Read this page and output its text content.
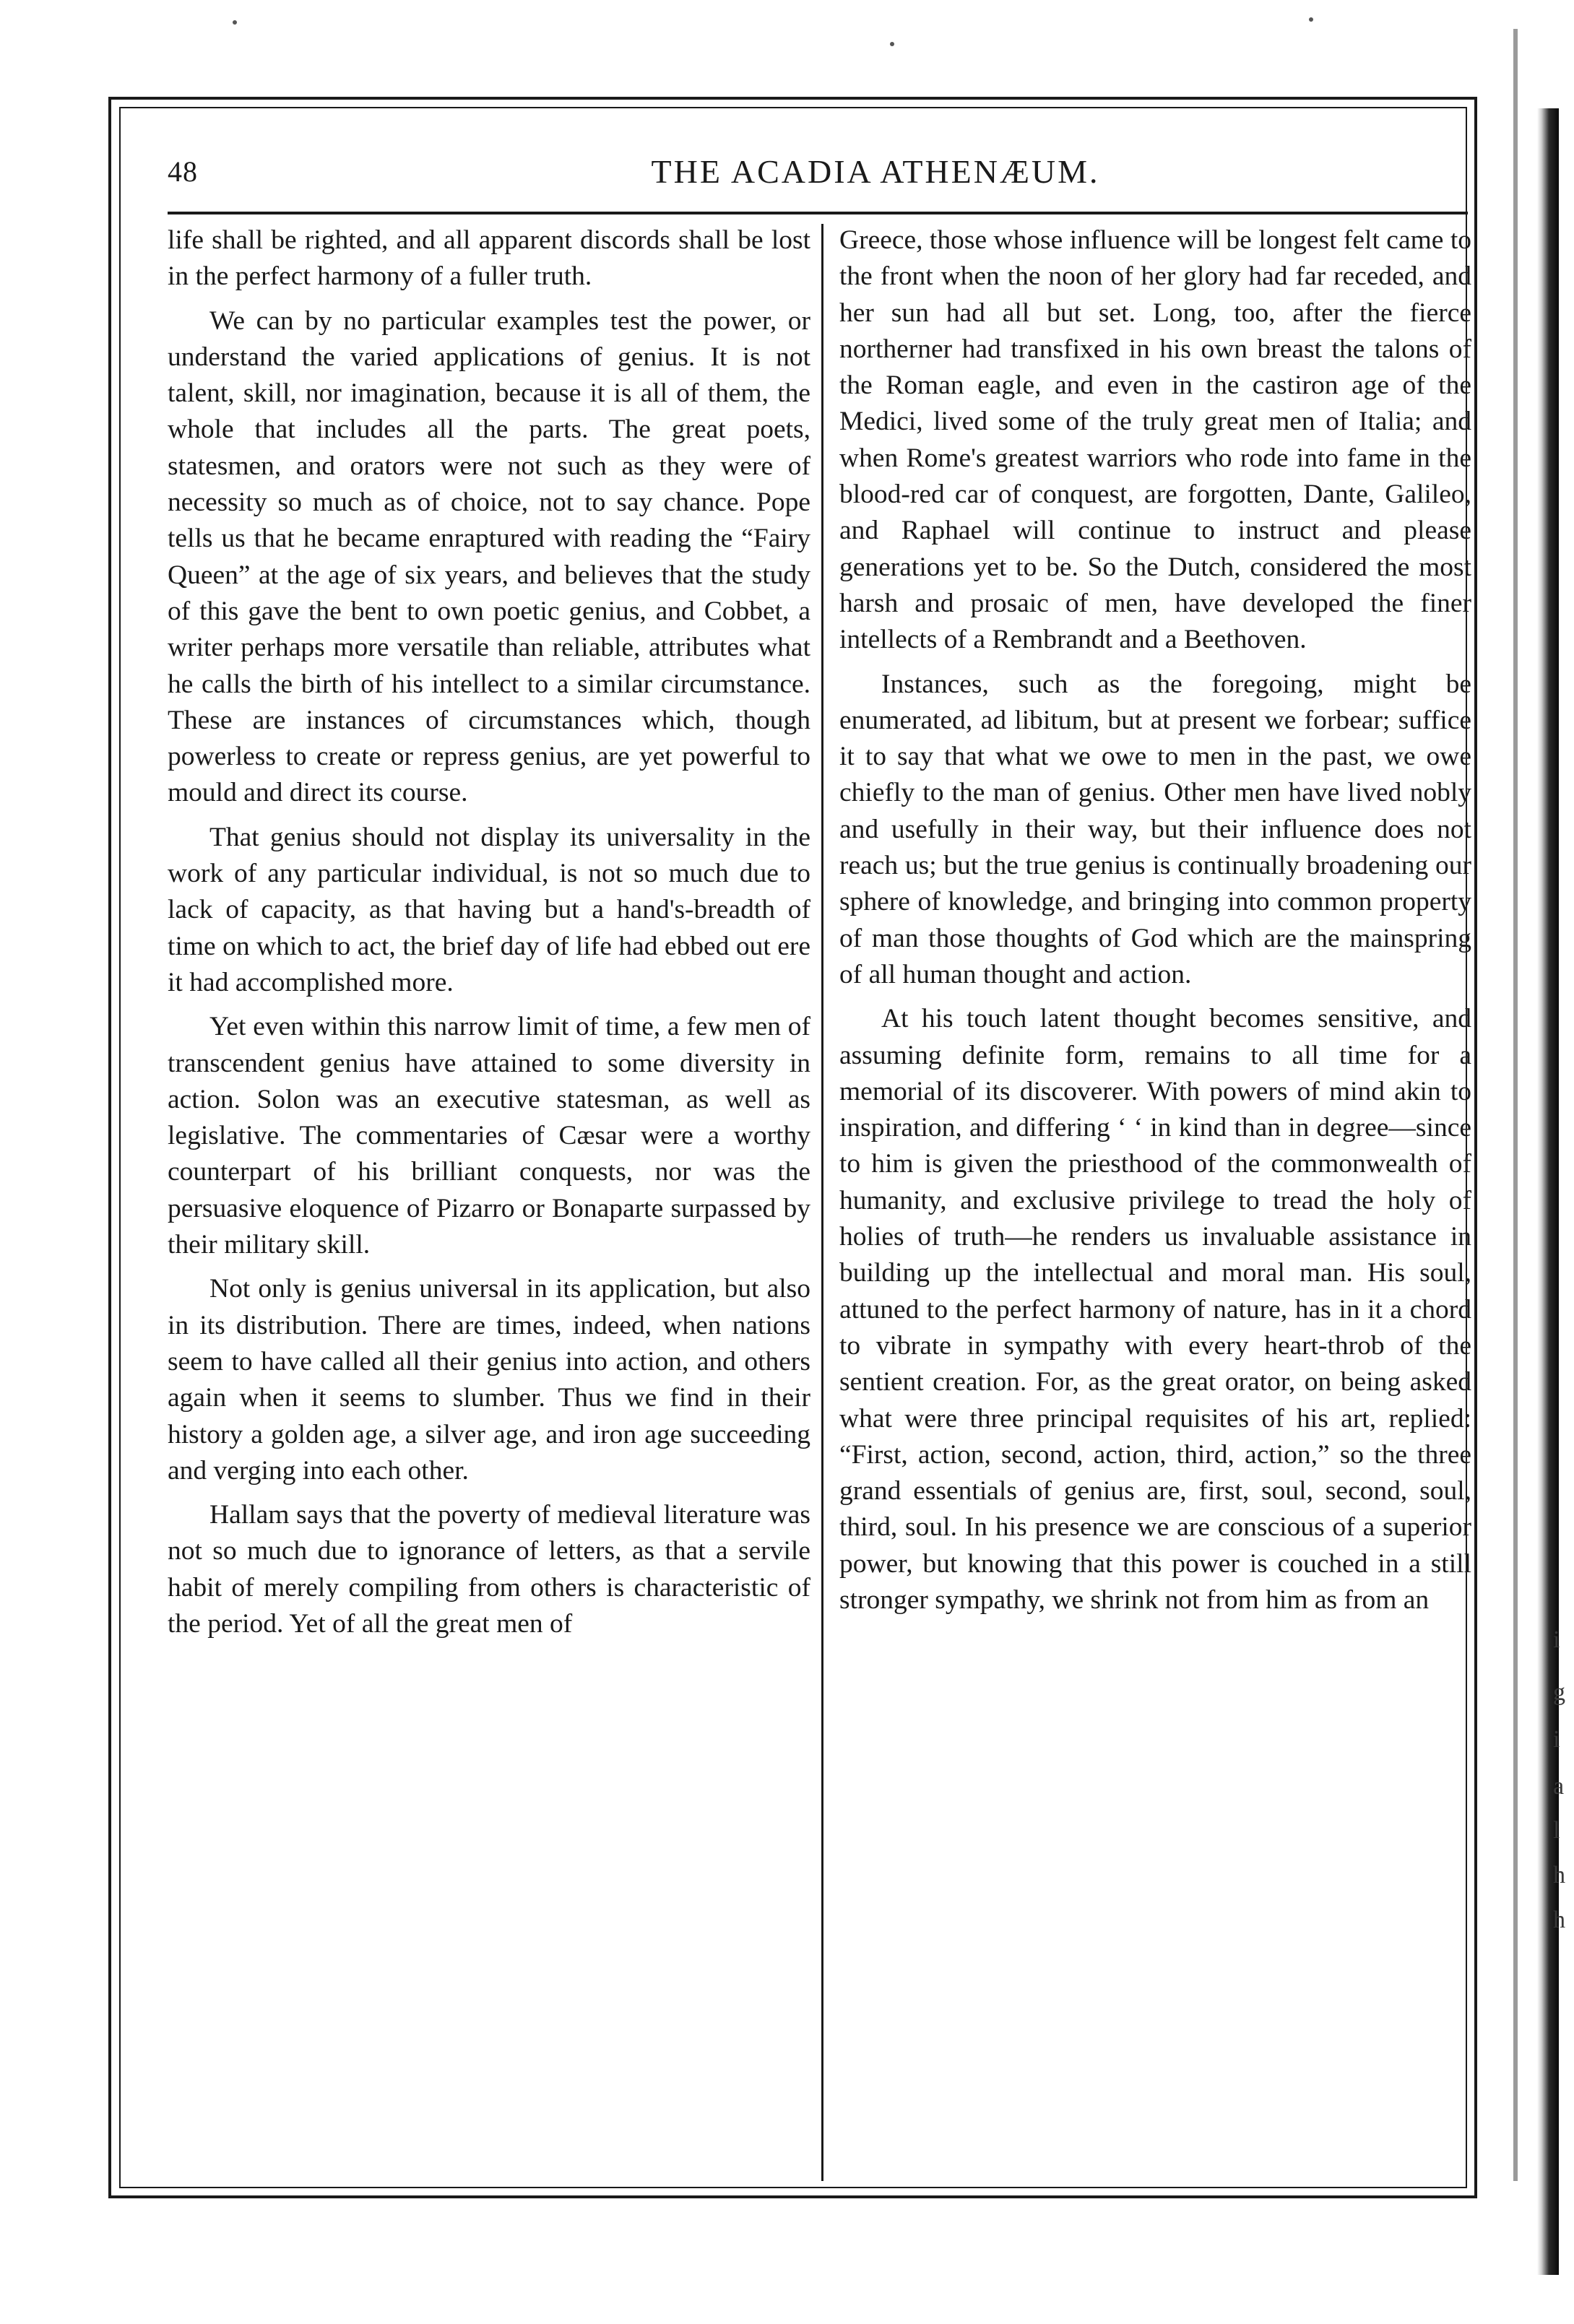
48	THE ACADIA ATHENÆUM.

life shall be righted, and all apparent discords shall be lost in the perfect harmony of a fuller truth.

We can by no particular examples test the power, or understand the varied applications of genius. It is not talent, skill, nor imagination, because it is all of them, the whole that includes all the parts. The great poets, statesmen, and orators were not such as they were of necessity so much as of choice, not to say chance. Pope tells us that he became enraptured with reading the “Fairy Queen” at the age of six years, and believes that the study of this gave the bent to own poetic genius, and Cobbet, a writer perhaps more versatile than reliable, attributes what he calls the birth of his intellect to a similar circumstance. These are instances of circumstances which, though powerless to create or repress genius, are yet powerful to mould and direct its course.

That genius should not display its universality in the work of any particular individual, is not so much due to lack of capacity, as that having but a hand's-breadth of time on which to act, the brief day of life had ebbed out ere it had accomplished more.

Yet even within this narrow limit of time, a few men of transcendent genius have attained to some diversity in action. Solon was an executive statesman, as well as legislative. The commentaries of Cæsar were a worthy counterpart of his brilliant conquests, nor was the persuasive eloquence of Pizarro or Bonaparte surpassed by their military skill.

Not only is genius universal in its application, but also in its distribution. There are times, indeed, when nations seem to have called all their genius into action, and others again when it seems to slumber. Thus we find in their history a golden age, a silver age, and iron age succeeding and verging into each other.

Hallam says that the poverty of medieval literature was not so much due to ignorance of letters, as that a servile habit of merely compiling from others is characteristic of the period. Yet of all the great men of

Greece, those whose influence will be longest felt came to the front when the noon of her glory had far receded, and her sun had all but set. Long, too, after the fierce northerner had transfixed in his own breast the talons of the Roman eagle, and even in the castiron age of the Medici, lived some of the truly great men of Italia; and when Rome's greatest warriors who rode into fame in the blood-red car of conquest, are forgotten, Dante, Galileo, and Raphael will continue to instruct and please generations yet to be. So the Dutch, considered the most harsh and prosaic of men, have developed the finer intellects of a Rembrandt and a Beethoven.

Instances, such as the foregoing, might be enumerated, ad libitum, but at present we forbear; suffice it to say that what we owe to men in the past, we owe chiefly to the man of genius. Other men have lived nobly and usefully in their way, but their influence does not reach us; but the true genius is continually broadening our sphere of knowledge, and bringing into common property of man those thoughts of God which are the mainspring of all human thought and action.

At his touch latent thought becomes sensitive, and assuming definite form, remains to all time for a memorial of its discoverer. With powers of mind akin to inspiration, and differing ‘ ‘ in kind than in degree—since to him is given the priesthood of the commonwealth of humanity, and exclusive privilege to tread the holy of holies of truth—he renders us invaluable assistance in building up the intellectual and moral man. His soul, attuned to the perfect harmony of nature, has in it a chord to vibrate in sympathy with every heart-throb of the sentient creation. For, as the great orator, on being asked what were three principal requisites of his art, replied: “First, action, second, action, third, action,” so the three grand essentials of genius are, first, soul, second, soul, third, soul. In his presence we are conscious of a superior power, but knowing that this power is couched in a still stronger sympathy, we shrink not from him as from an

i
g
i
a
l
h
h
